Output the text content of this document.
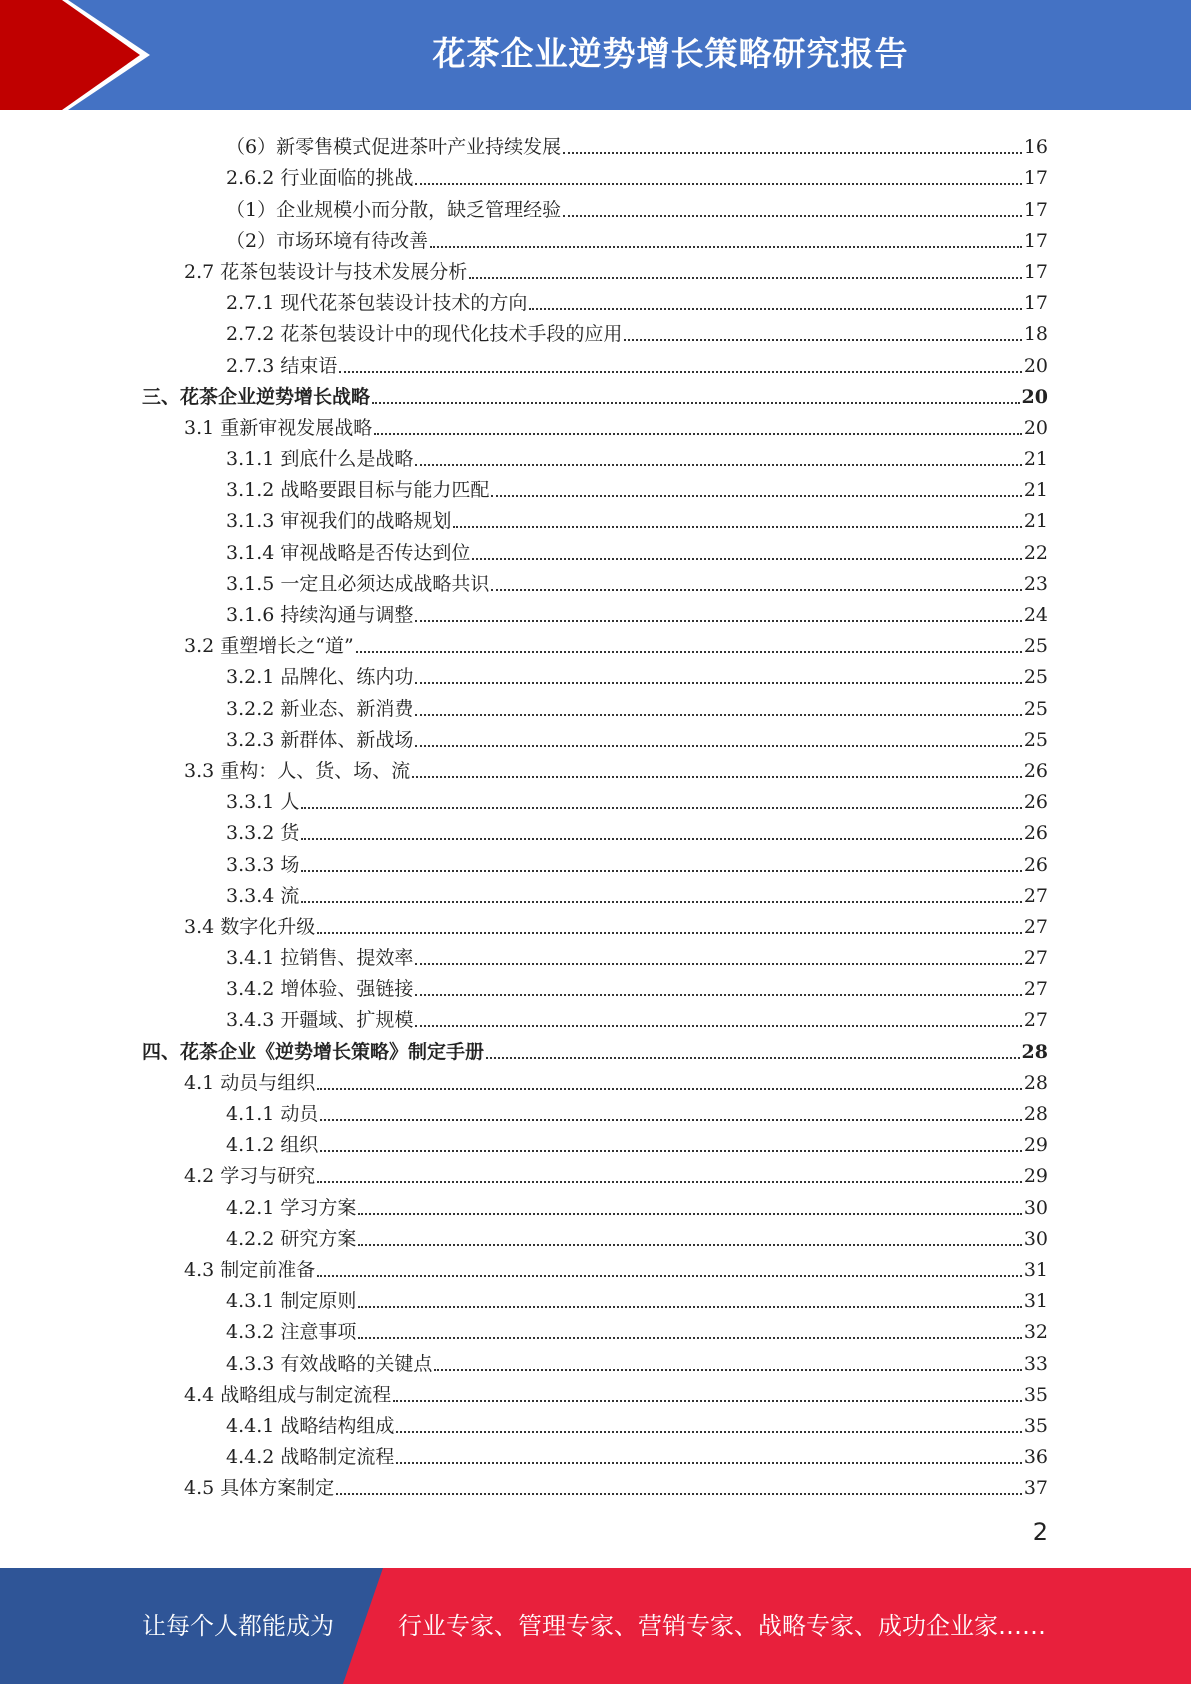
花茶企业逆势增长策略研究报告
（6）新零售模式促进茶叶产业持续发展	16
2.6.2 行业面临的挑战	17
（1）企业规模小而分散，缺乏管理经验	17
（2）市场环境有待改善	17
2.7 花茶包装设计与技术发展分析	17
2.7.1 现代花茶包装设计技术的方向	17
2.7.2 花茶包装设计中的现代化技术手段的应用	18
2.7.3 结束语	20
三、花茶企业逆势增长战略	20
3.1 重新审视发展战略	20
3.1.1 到底什么是战略	21
3.1.2 战略要跟目标与能力匹配	21
3.1.3 审视我们的战略规划	21
3.1.4 审视战略是否传达到位	22
3.1.5 一定且必须达成战略共识	23
3.1.6 持续沟通与调整	24
3.2 重塑增长之“道”	25
3.2.1 品牌化、练内功	25
3.2.2 新业态、新消费	25
3.2.3 新群体、新战场	25
3.3 重构：人、货、场、流	26
3.3.1 人	26
3.3.2 货	26
3.3.3 场	26
3.3.4 流	27
3.4 数字化升级	27
3.4.1 拉销售、提效率	27
3.4.2 增体验、强链接	27
3.4.3 开疆域、扩规模	27
四、花茶企业《逆势增长策略》制定手册	28
4.1 动员与组织	28
4.1.1 动员	28
4.1.2 组织	29
4.2 学习与研究	29
4.2.1 学习方案	30
4.2.2 研究方案	30
4.3 制定前准备	31
4.3.1 制定原则	31
4.3.2 注意事项	32
4.3.3 有效战略的关键点	33
4.4 战略组成与制定流程	35
4.4.1 战略结构组成	35
4.4.2 战略制定流程	36
4.5 具体方案制定	37
2
让每个人都能成为	行业专家、管理专家、营销专家、战略专家、成功企业家……
